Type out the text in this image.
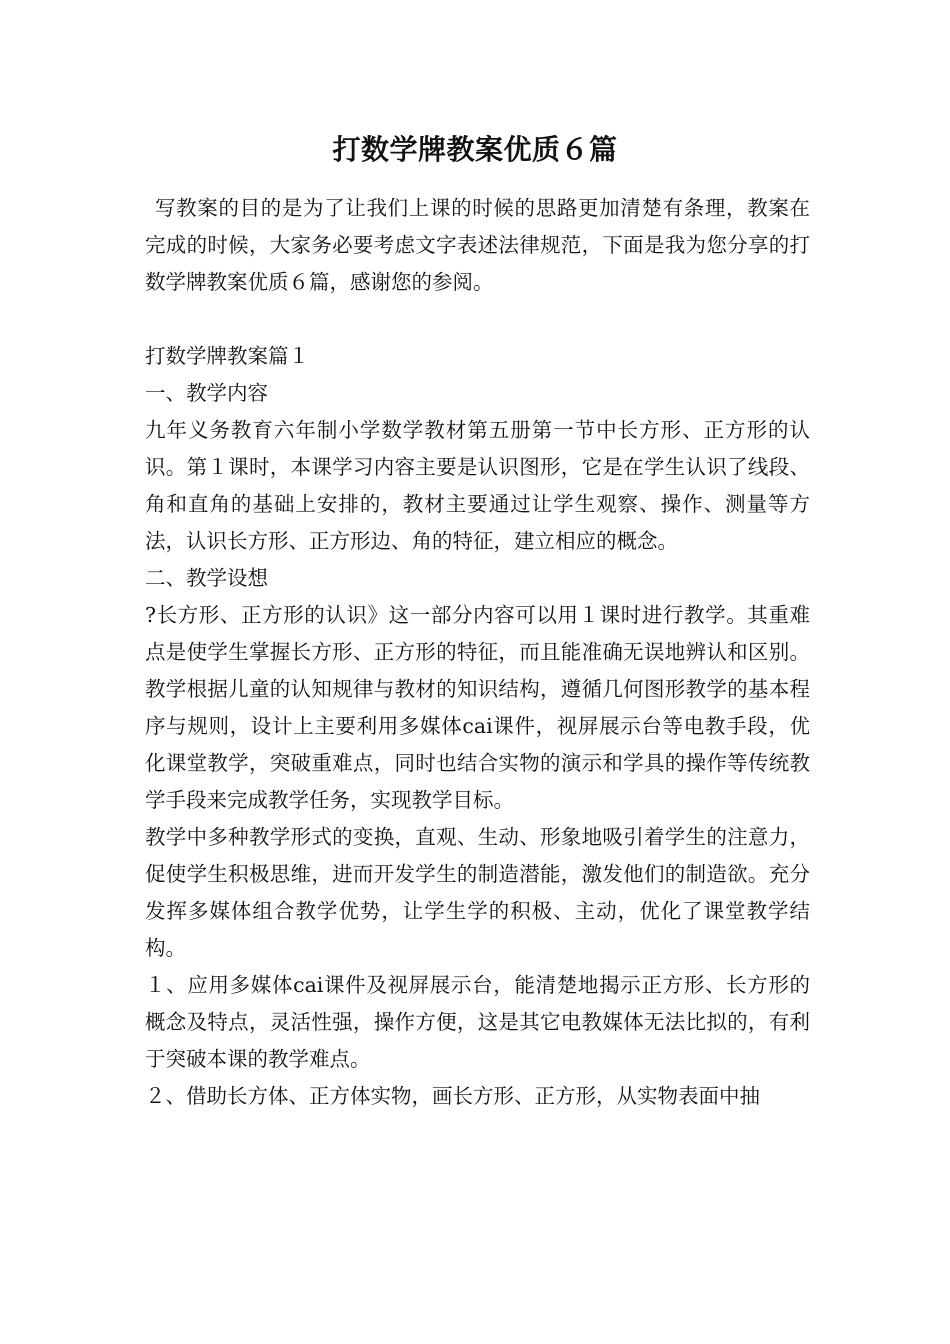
打数学牌教案优质６篇

写教案的目的是为了让我们上课的时候的思路更加清楚有条理，教案在完成的时候，大家务必要考虑文字表述法律规范，下面是我为您分享的打数学牌教案优质６篇，感谢您的参阅。

打数学牌教案篇１

一、教学内容

九年义务教育六年制小学数学教材第五册第一节中长方形、正方形的认识。第１课时，本课学习内容主要是认识图形，它是在学生认识了线段、角和直角的基础上安排的，教材主要通过让学生观察、操作、测量等方法，认识长方形、正方形边、角的特征，建立相应的概念。

二、教学设想

?长方形、正方形的认识》这一部分内容可以用１课时进行教学。其重难点是使学生掌握长方形、正方形的特征，而且能准确无误地辨认和区别。教学根据儿童的认知规律与教材的知识结构，遵循几何图形教学的基本程序与规则，设计上主要利用多媒体cai课件，视屏展示台等电教手段，优化课堂教学，突破重难点，同时也结合实物的演示和学具的操作等传统教学手段来完成教学任务，实现教学目标。

教学中多种教学形式的变换，直观、生动、形象地吸引着学生的注意力，促使学生积极思维，进而开发学生的制造潜能，激发他们的制造欲。充分发挥多媒体组合教学优势，让学生学的积极、主动，优化了课堂教学结构。

１、应用多媒体cai课件及视屏展示台，能清楚地揭示正方形、长方形的概念及特点，灵活性强，操作方便，这是其它电教媒体无法比拟的，有利于突破本课的教学难点。

２、借助长方体、正方体实物，画长方形、正方形，从实物表面中抽
